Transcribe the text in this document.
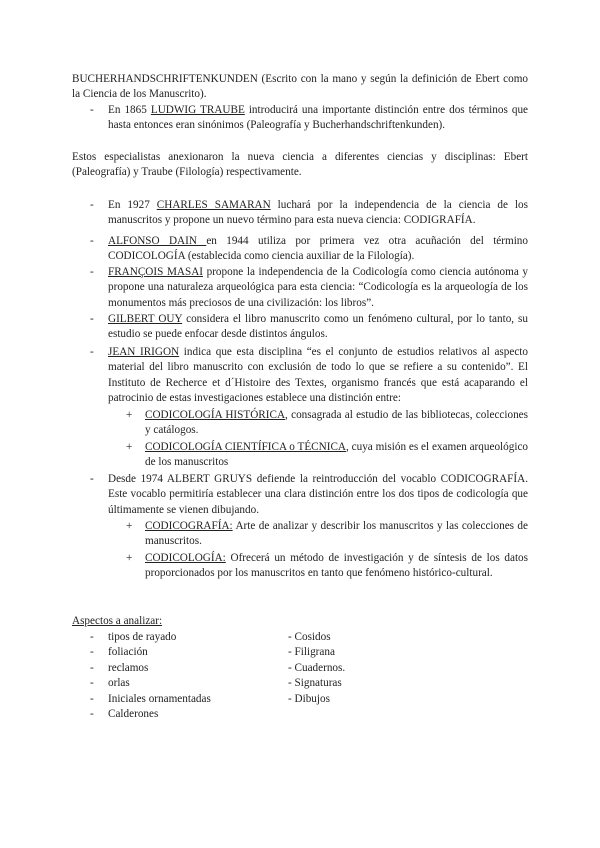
BUCHERHANDSCHRIFTENKUNDEN (Escrito con la mano y según la definición de Ebert como la Ciencia de los Manuscrito).
- En 1865 LUDWIG TRAUBE introducirá una importante distinción entre dos términos que hasta entonces eran sinónimos (Paleografía y Bucherhandschriftenkunden).
Estos especialistas anexionaron la nueva ciencia a diferentes ciencias y disciplinas: Ebert (Paleografía) y Traube (Filología) respectivamente.
- En 1927 CHARLES SAMARAN luchará por la independencia de la ciencia de los manuscritos y propone un nuevo término para esta nueva ciencia: CODIGRAFÍA.
- ALFONSO DAIN en 1944 utiliza por primera vez otra acuñación del término CODICOLOGÍA (establecida como ciencia auxiliar de la Filología).
- FRANÇOIS MASAI propone la independencia de la Codicología como ciencia autónoma y propone una naturaleza arqueológica para esta ciencia: “Codicología es la arqueología de los monumentos más preciosos de una civilización: los libros”.
- GILBERT OUY considera el libro manuscrito como un fenómeno cultural, por lo tanto, su estudio se puede enfocar desde distintos ángulos.
- JEAN IRIGON indica que esta disciplina “es el conjunto de estudios relativos al aspecto material del libro manuscrito con exclusión de todo lo que se refiere a su contenido”. El Instituto de Recherce et d´Histoire des Textes, organismo francés que está acaparando el patrocinio de estas investigaciones establece una distinción entre:
+ CODICOLOGÍA HISTÓRICA, consagrada al estudio de las bibliotecas, colecciones y catálogos.
+ CODICOLOGÍA CIENTÍFICA o TÉCNICA, cuya misión es el examen arqueológico de los manuscritos
- Desde 1974 ALBERT GRUYS defiende la reintroducción del vocablo CODICOGRAFÍA. Este vocablo permitiría establecer una clara distinción entre los dos tipos de codicología que últimamente se vienen dibujando.
+ CODICOGRAFÍA: Arte de analizar y describir los manuscritos y las colecciones de manuscritos.
+ CODICOLOGÍA: Ofrecerá un método de investigación y de síntesis de los datos proporcionados por los manuscritos en tanto que fenómeno histórico-cultural.
Aspectos a analizar:
-
-
-
-
-
-
tipos de rayado
foliación
reclamos
orlas
Iniciales ornamentadas
Calderones
- Cosidos
- Filigrana
- Cuadernos.
- Signaturas
- Dibujos
